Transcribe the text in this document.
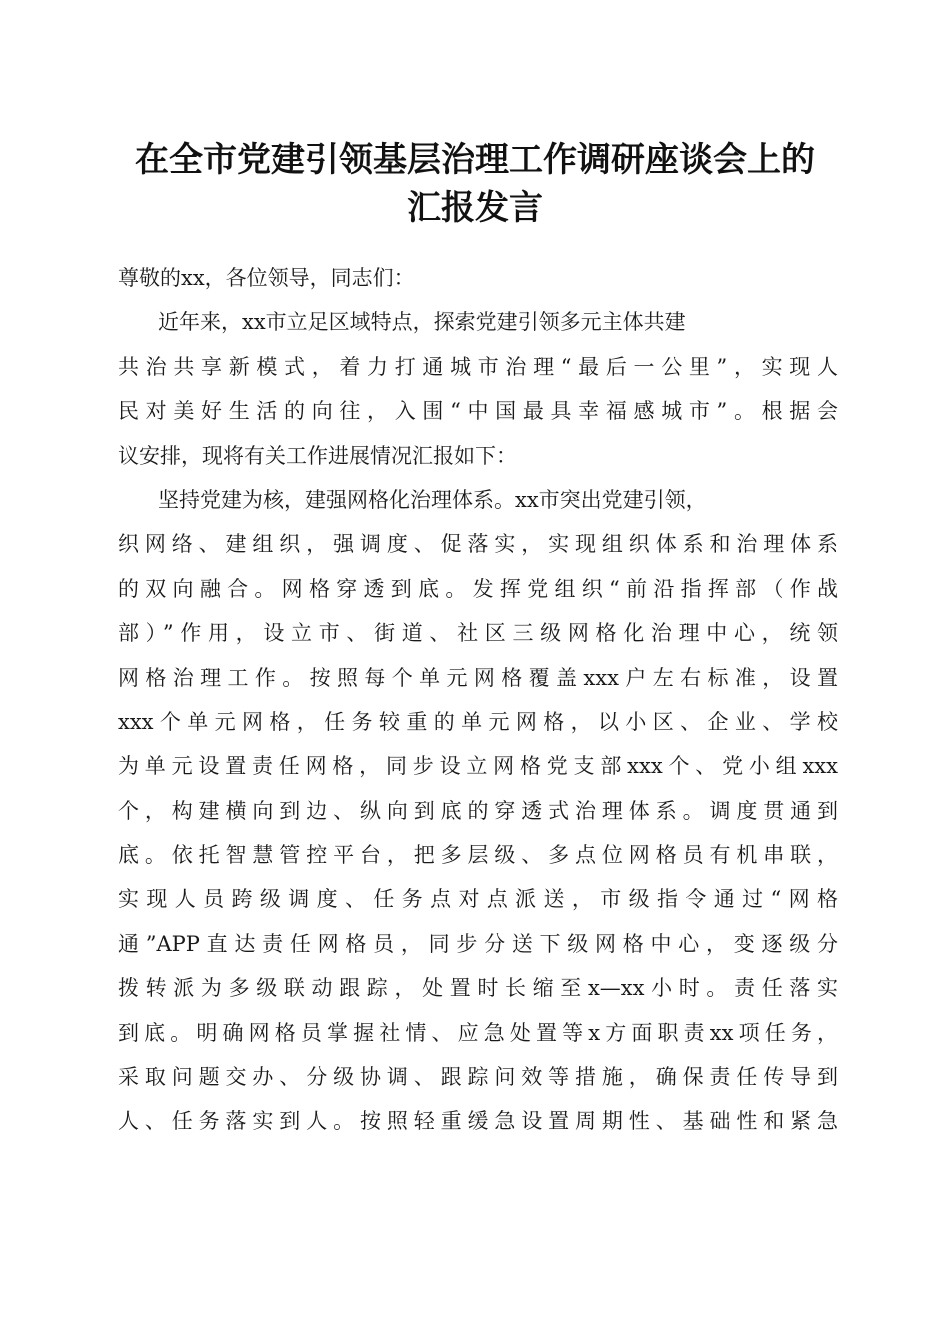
在全市党建引领基层治理工作调研座谈会上的
汇报发言
尊敬的xx，各位领导，同志们：
近年来，xx市立足区域特点，探索党建引领多元主体共建
共治共享新模式，着力打通城市治理“最后一公里”，实现人
民对美好生活的向往，入围“中国最具幸福感城市”。根据会
议安排，现将有关工作进展情况汇报如下：
坚持党建为核，建强网格化治理体系。xx市突出党建引领，
织网络、建组织，强调度、促落实，实现组织体系和治理体系
的双向融合。网格穿透到底。发挥党组织“前沿指挥部（作战
部）”作用，设立市、街道、社区三级网格化治理中心，统领
网格治理工作。按照每个单元网格覆盖xxx户左右标准，设置
xxx个单元网格，任务较重的单元网格，以小区、企业、学校
为单元设置责任网格，同步设立网格党支部xxx个、党小组xxx
个，构建横向到边、纵向到底的穿透式治理体系。调度贯通到
底。依托智慧管控平台，把多层级、多点位网格员有机串联，
实现人员跨级调度、任务点对点派送，市级指令通过“网格
通”APP直达责任网格员，同步分送下级网格中心，变逐级分
拨转派为多级联动跟踪，处置时长缩至x—xx小时。责任落实
到底。明确网格员掌握社情、应急处置等x方面职责xx项任务，
采取问题交办、分级协调、跟踪问效等措施，确保责任传导到
人、任务落实到人。按照轻重缓急设置周期性、基础性和紧急
